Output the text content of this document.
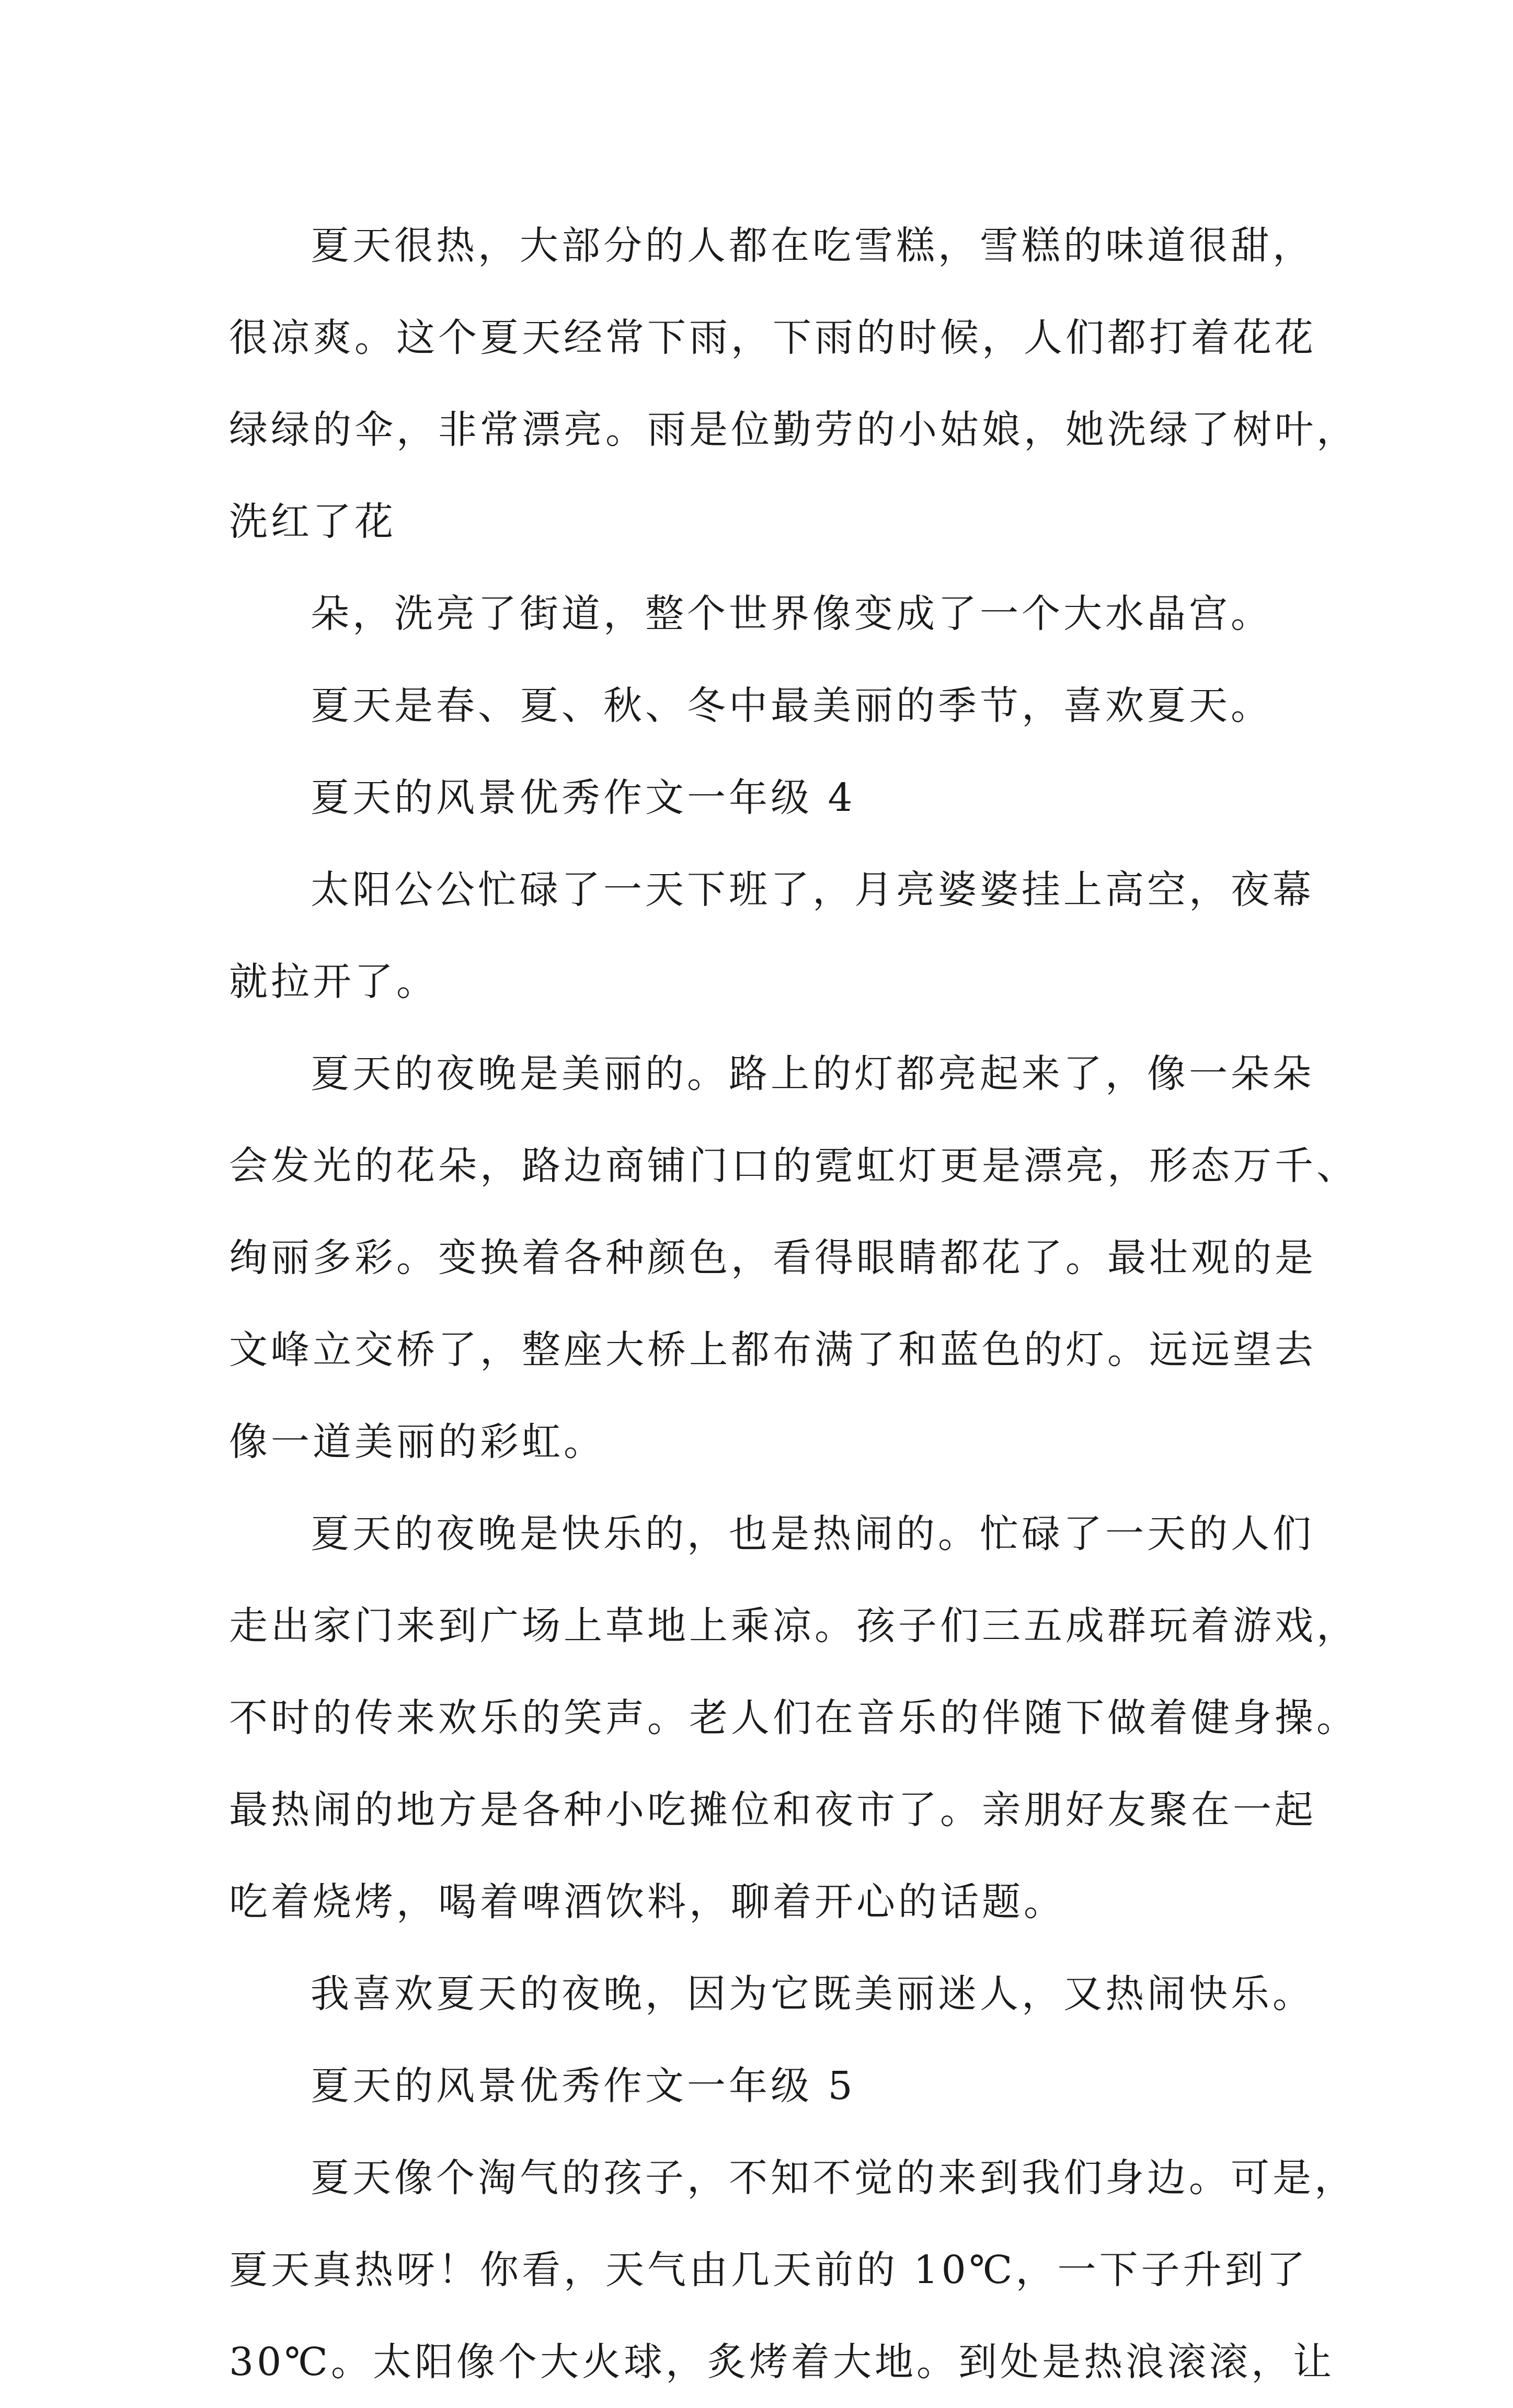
夏天很热，大部分的人都在吃雪糕，雪糕的味道很甜，
很凉爽。这个夏天经常下雨，下雨的时候，人们都打着花花
绿绿的伞，非常漂亮。雨是位勤劳的小姑娘，她洗绿了树叶，
洗红了花
朵，洗亮了街道，整个世界像变成了一个大水晶宫。
夏天是春、夏、秋、冬中最美丽的季节，喜欢夏天。
夏天的风景优秀作文一年级 4
太阳公公忙碌了一天下班了，月亮婆婆挂上高空，夜幕
就拉开了。
夏天的夜晚是美丽的。路上的灯都亮起来了，像一朵朵
会发光的花朵，路边商铺门口的霓虹灯更是漂亮，形态万千、
绚丽多彩。变换着各种颜色，看得眼睛都花了。最壮观的是
文峰立交桥了，整座大桥上都布满了和蓝色的灯。远远望去
像一道美丽的彩虹。
夏天的夜晚是快乐的，也是热闹的。忙碌了一天的人们
走出家门来到广场上草地上乘凉。孩子们三五成群玩着游戏，
不时的传来欢乐的笑声。老人们在音乐的伴随下做着健身操。
最热闹的地方是各种小吃摊位和夜市了。亲朋好友聚在一起
吃着烧烤，喝着啤酒饮料，聊着开心的话题。
我喜欢夏天的夜晚，因为它既美丽迷人，又热闹快乐。
夏天的风景优秀作文一年级 5
夏天像个淘气的孩子，不知不觉的来到我们身边。可是，
夏天真热呀！你看，天气由几天前的 10℃，一下子升到了
30℃。太阳像个大火球，炙烤着大地。到处是热浪滚滚，让
